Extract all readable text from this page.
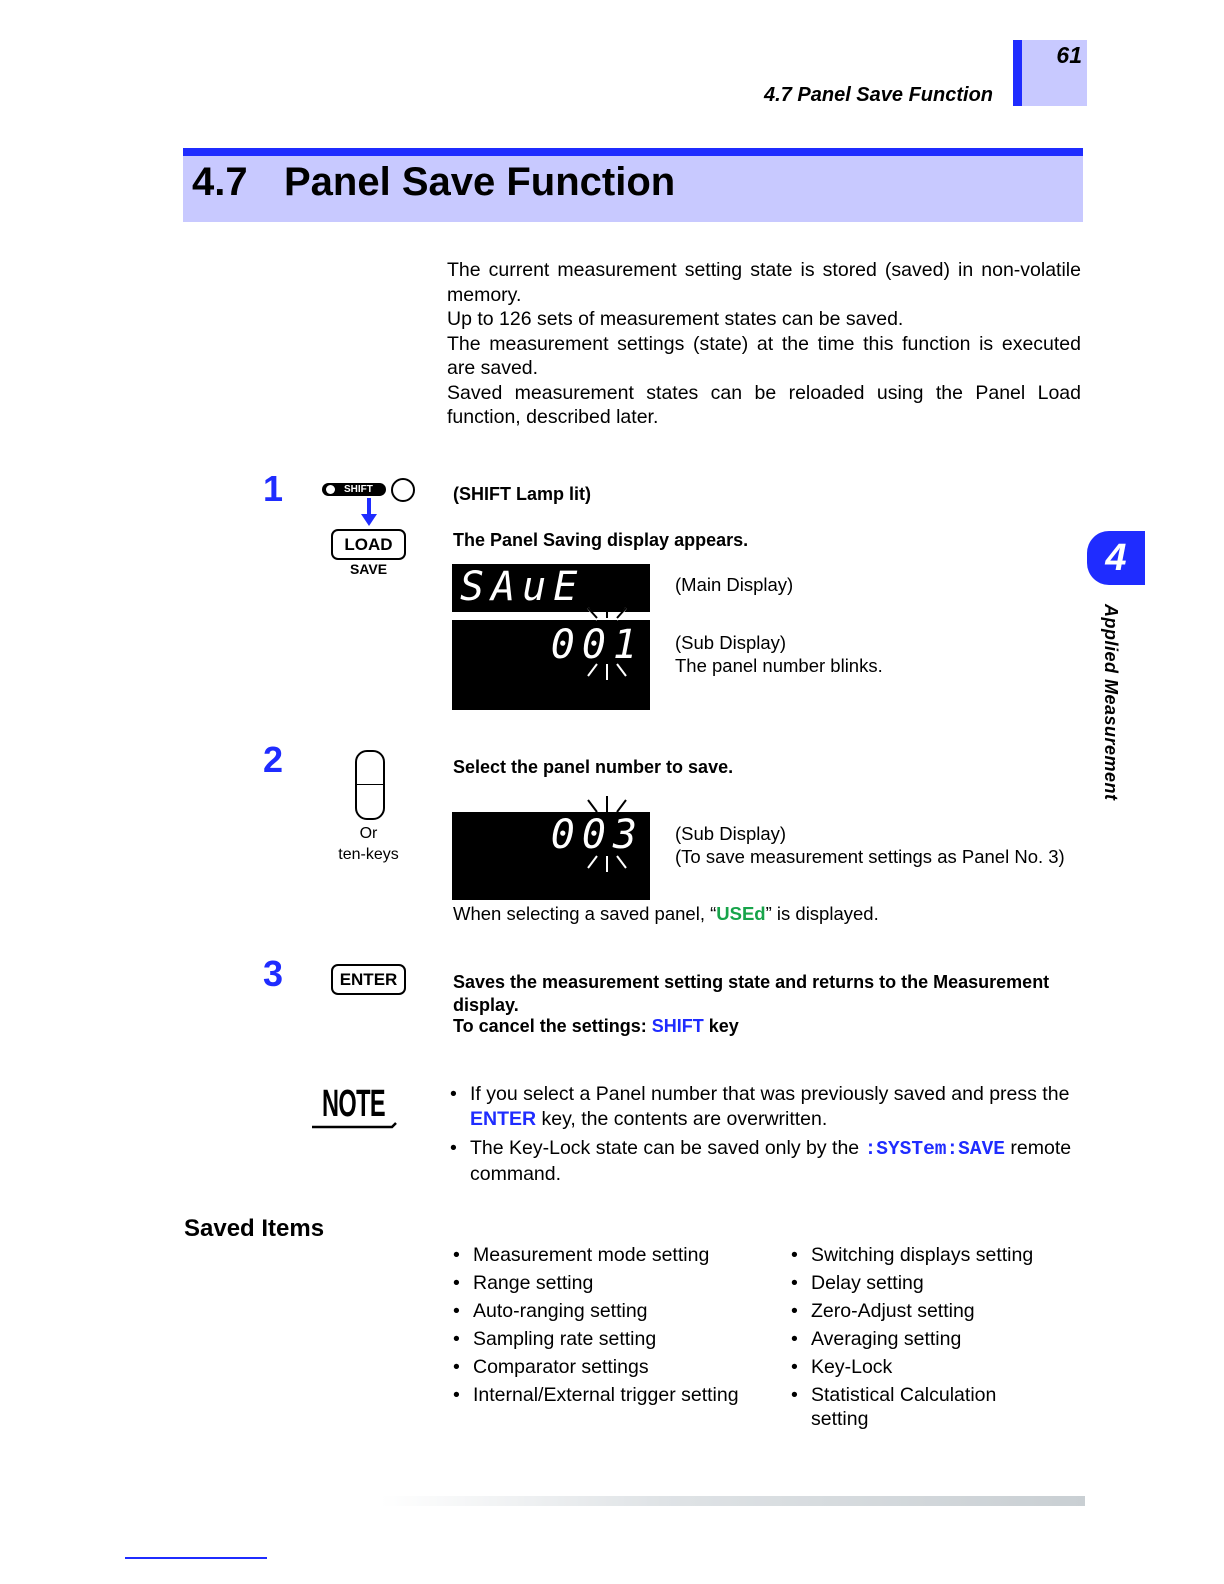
4.7 Panel Save Function
61
4.7 Panel Save Function

The current measurement setting state is stored (saved) in non-volatile memory.

Up to 126 sets of measurement states can be saved.

The measurement settings (state) at the time this function is executed are saved.

Saved measurement states can be reloaded using the Panel Load function, described later.

4
Applied Measurement
1	SHIFT
LOAD
SAVE
(SHIFT Lamp lit)
The Panel Saving display appears.
SAuE
001
(Main Display)
(Sub Display)
The panel number blinks.
2
Or
ten-keys
Select the panel number to save.
003 (Sub Display)
(To save measurement settings as Panel No. 3)
When selecting a saved panel, “USEd” is displayed.
3	ENTER	Saves the measurement setting state and returns to the Measurement display.
To cancel the settings: SHIFT key
NOTE
•	If you select a Panel number that was previously saved and press the ENTER key, the contents are overwritten.
• The Key-Lock state can be saved only by the :SYSTem:SAVE remote command.
Saved Items
• Measurement mode setting
• Range setting
• Auto-ranging setting
• Sampling rate setting
• Comparator settings
• Internal/External trigger setting
• Switching displays setting
• Delay setting
• Zero-Adjust setting
• Averaging setting
• Key-Lock
• Statistical Calculation setting
